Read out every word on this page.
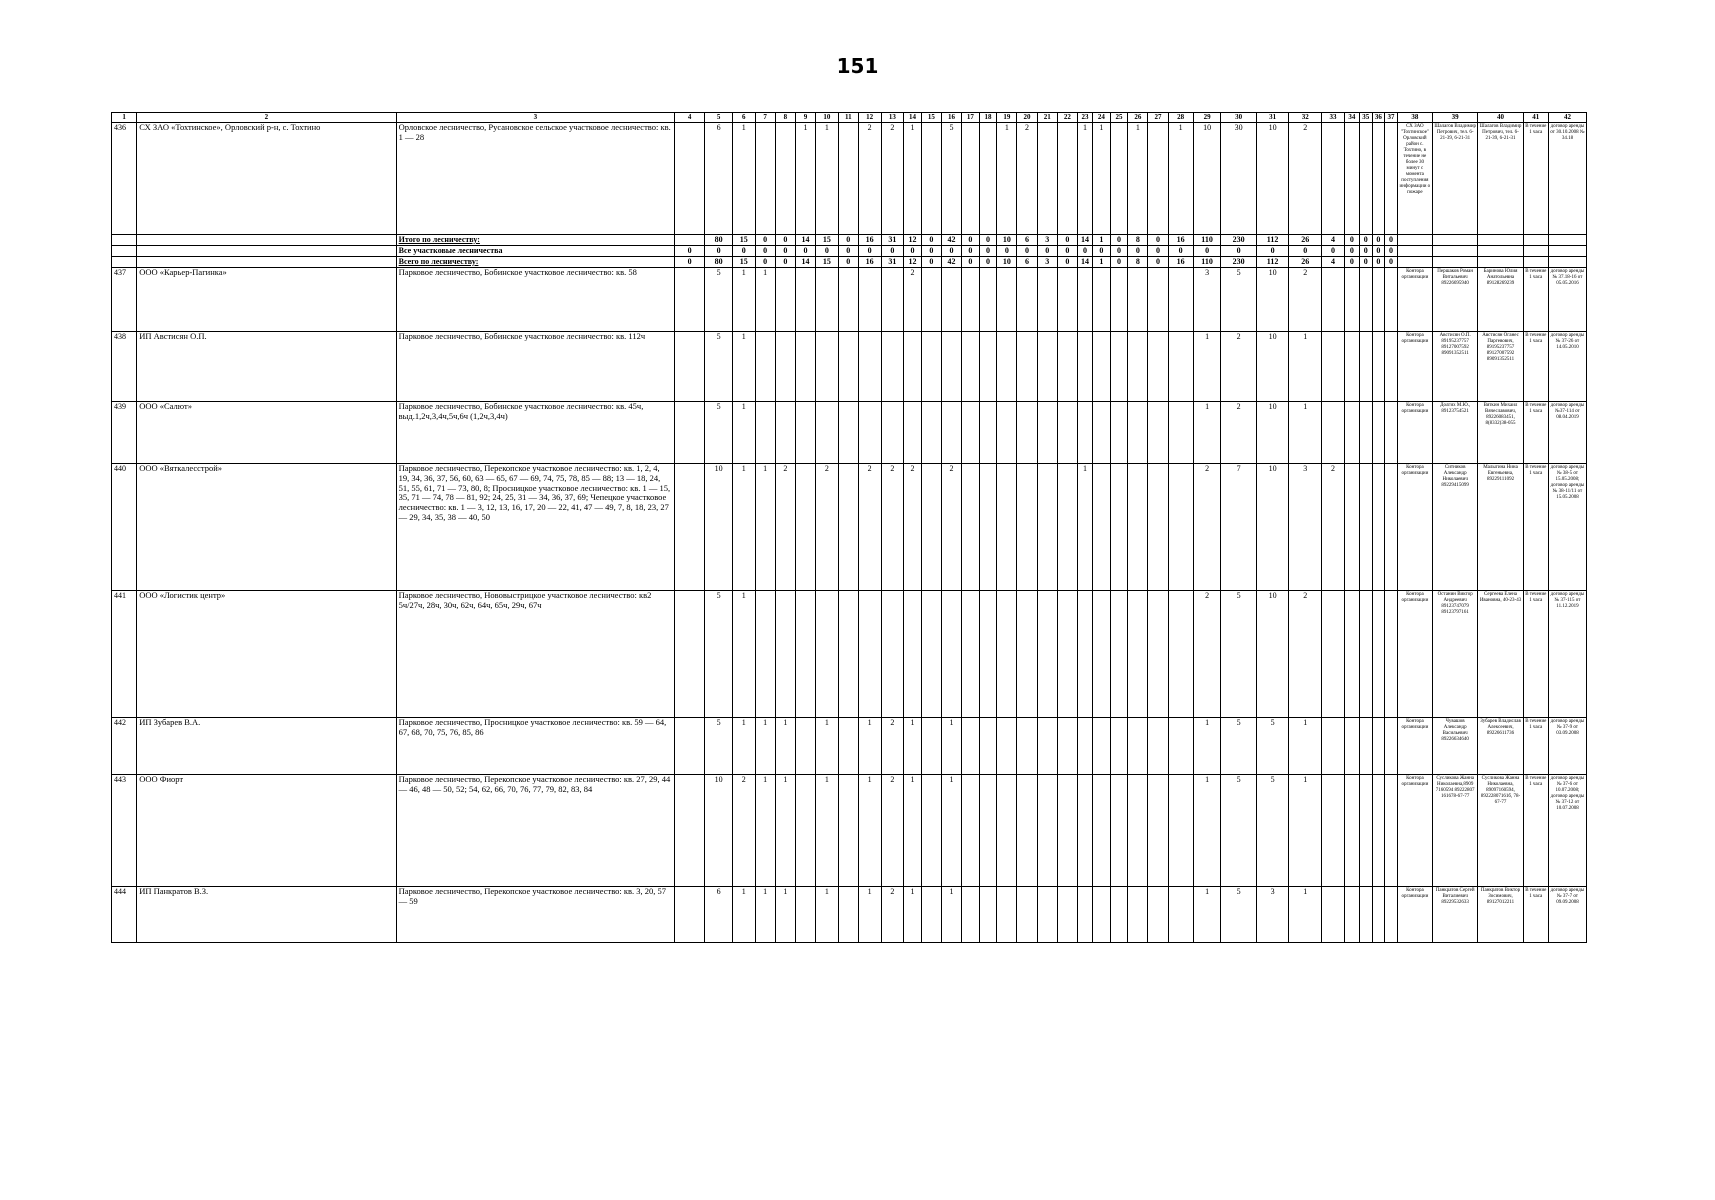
151
1	2	3	4	5	6	7	8	9	10	11	12	13	14	15	16	17	18	19	20	21	22	23	24	25	26	27	28	29	30	31	32	33	34	35	36	37	38	39	40	41	42
436	СХ ЗАО «Тохтинское», Орловский р-н, с. Тохтино	Орловское лесничество, Русановское сельское участковое лесничество: кв. 1 — 28		6	1			1	1		2	2	1		5			1	2			1	1		1		1	10	30	10	2						СХ ЗАО "Тохтинское" Орловский район с. Тохтино, в течение не более 30 минут с момента поступления информации о пожаре	Шалагов Владимир Петрович, тел. 6-21-39, 6-21-31	Шалагов Владимир Петрович, тел. 6-21-39, 6-21-31	В течение 1 часа	договор аренды от 30.10.2008 № 34.18
		Итого по лесничеству:		80	15	0	0	14	15	0	16	31	12	0	42	0	0	10	6	3	0	14	1	0	8	0	16	110	230	112	26	4	0	0	0	0					
		Все участковые лесничества	0	0	0	0	0	0	0	0	0	0	0	0	0	0	0	0	0	0	0	0	0	0	0	0	0	0	0	0	0	0	0	0	0	0					
		Всего по лесничеству:	0	80	15	0	0	14	15	0	16	31	12	0	42	0	0	10	6	3	0	14	1	0	8	0	16	110	230	112	26	4	0	0	0	0					
437	ООО «Карьер-Пагинка»	Парковое лесничество, Бобинское участковое лесничество: кв. 58		5	1	1							2															3	5	10	2						Контора организации	Першаков Роман Витальевич 89226695940	Баринова Юлия Анатольевна 89128269239	В течение 1 часа	договор аренды № 37.18-16 от 05.05.2016
438	ИП Австисян О.П.	Парковое лесничество, Бобинское участковое лесничество: кв. 112ч		5	1																							1	2	10	1						Контора организации	Австисян О.П. 89195237757 89127007592 89091352511	Австисян Оганес Паргевович, 89195237757 89127007592 89091352511	В течение 1 часа	договор аренды № 37-26 от 14.05.2010
439	ООО «Салют»	Парковое лесничество, Бобинское участковое лесничество: кв. 45ч, выд.1,2ч,3,4ч,5ч,6ч (1,2ч,3,4ч)		5	1																							1	2	10	1						Контора организации	Долгих М.Ю., 89123754521	Вяткин Михаил Вячеславович, 89226083451, 8(8332)38-055	В течение 1 часа	договор аренды №37-114 от 08.04.2019
440	ООО «Вяткалесстрой»	Парковое лесничество, Перекопское участковое лесничество: кв. 1, 2, 4, 19, 34, 36, 37, 56, 60, 63 — 65, 67 — 69, 74, 75, 78, 85 — 88; 13 — 18, 24, 51, 55, 61, 71 — 73, 80, 8; Просницкое участковое лесничество: кв. 1 — 15, 35, 71 — 74, 78 — 81, 92; 24, 25, 31 — 34, 36, 37, 69; Чепецкое участковое лесничество: кв. 1 — 3, 12, 13, 16, 17, 20 — 22, 41, 47 — 49, 7, 8, 18, 23, 27 — 29, 34, 35, 38 — 40, 50		10	1	1	2		2		2	2	2		2							1						2	7	10	3	2					Контора организации	Ситников Александр Николаевич 89229415099	Малыгина Нина Евгеньевна, 89229111092	В течение 1 часа	договор аренды № 38-5 от 15.05.2008; договор аренды № 38-11/11 от 15.05.2008
441	ООО «Логистик центр»	Парковое лесничество, Нововыстрицкое участковое лесничество: кв2 5ч/27ч, 28ч, 30ч, 62ч, 64ч, 65ч, 29ч, 67ч		5	1																							2	5	10	2						Контора организации	Останин Виктор Андреевич 89123747079 89123797161	Сергеева Елена Ивановна, 40-23-43	В течение 1 часа	договор аренды № 37-115 от 11.12.2019
442	ИП Зубарев В.А.	Парковое лесничество, Просницкое участковое лесничество: кв. 59 — 64, 67, 68, 70, 75, 76, 85, 86		5	1	1	1		1		1	2	1		1													1	5	5	1						Контора организации	Чувашов Александр Васильевич 89226634640	Зубарев Владислав Алексеевич, 89226611736	В течение 1 часа	договор аренды № 37-9 от 03.09.2008
443	ООО Фиорт	Парковое лесничество, Перекопское участковое лесничество: кв. 27, 29, 44 — 46, 48 — 50, 52; 54, 62, 66, 70, 76, 77, 79, 82, 83, 84		10	2	1	1		1		1	2	1		1													1	5	5	1						Контора организации	Сусликова Жанна Николаевна,8909 7160594 89222807 161678-67-77	Сусликова Жанна Николаевна, 89097160594, 89222807161б, 78-67-77	В течение 1 часа	договор аренды № 37-6 от 10.07.2008; договор аренды № 37-12 от 10.07.2008
444	ИП Панкратов В.З.	Парковое лесничество, Перекопское участковое лесничество: кв. 3, 20, 57 — 59		6	1	1	1		1		1	2	1		1													1	5	3	1						Контора организации	Панкратов Сергей Виталиевич 89229532633	Панкратов Виктор Зосимович, 89127012211	В течение 1 часа	договор аренды № 37-7 от 09.09.2008
